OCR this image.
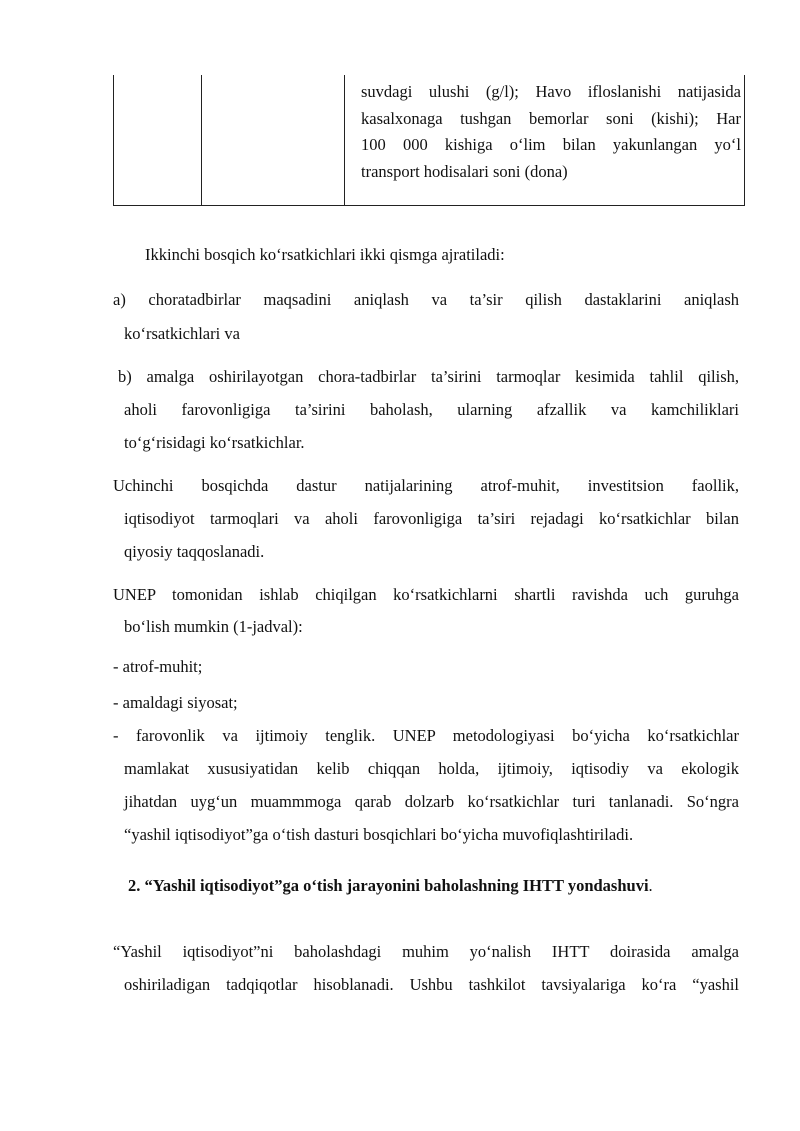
suvdagi ulushi (g/l); Havo ifloslanishi natijasida
kasalxonaga tushgan bemorlar soni (kishi); Har
100 000 kishiga o‘lim bilan yakunlangan yo‘l
transport hodisalari soni (dona)
Ikkinchi bosqich ko‘rsatkichlari ikki qismga ajratiladi:
a) choratadbirlar maqsadini aniqlash va ta’sir qilish dastaklarini aniqlash
ko‘rsatkichlari va
b) amalga oshirilayotgan chora-tadbirlar ta’sirini tarmoqlar kesimida tahlil qilish,
aholi farovonligiga ta’sirini baholash, ularning afzallik va kamchiliklari
to‘g‘risidagi ko‘rsatkichlar.
Uchinchi bosqichda dastur natijalarining atrof-muhit, investitsion faollik,
iqtisodiyot tarmoqlari va aholi farovonligiga ta’siri rejadagi ko‘rsatkichlar bilan
qiyosiy taqqoslanadi.
UNEP tomonidan ishlab chiqilgan ko‘rsatkichlarni shartli ravishda uch guruhga
bo‘lish mumkin (1-jadval):
- atrof-muhit;
- amaldagi siyosat;
- farovonlik va ijtimoiy tenglik. UNEP metodologiyasi bo‘yicha ko‘rsatkichlar
mamlakat xususiyatidan kelib chiqqan holda, ijtimoiy, iqtisodiy va ekologik
jihatdan uyg‘un muammmoga qarab dolzarb ko‘rsatkichlar turi tanlanadi. So‘ngra
“yashil iqtisodiyot”ga o‘tish dasturi bosqichlari bo‘yicha muvofiqlashtiriladi.
2. “Yashil iqtisodiyot”ga o‘tish jarayonini baholashning IHTT yondashuvi.
“Yashil iqtisodiyot”ni baholashdagi muhim yo‘nalish IHTT doirasida amalga
oshiriladigan tadqiqotlar hisoblanadi. Ushbu tashkilot tavsiyalariga ko‘ra “yashil
